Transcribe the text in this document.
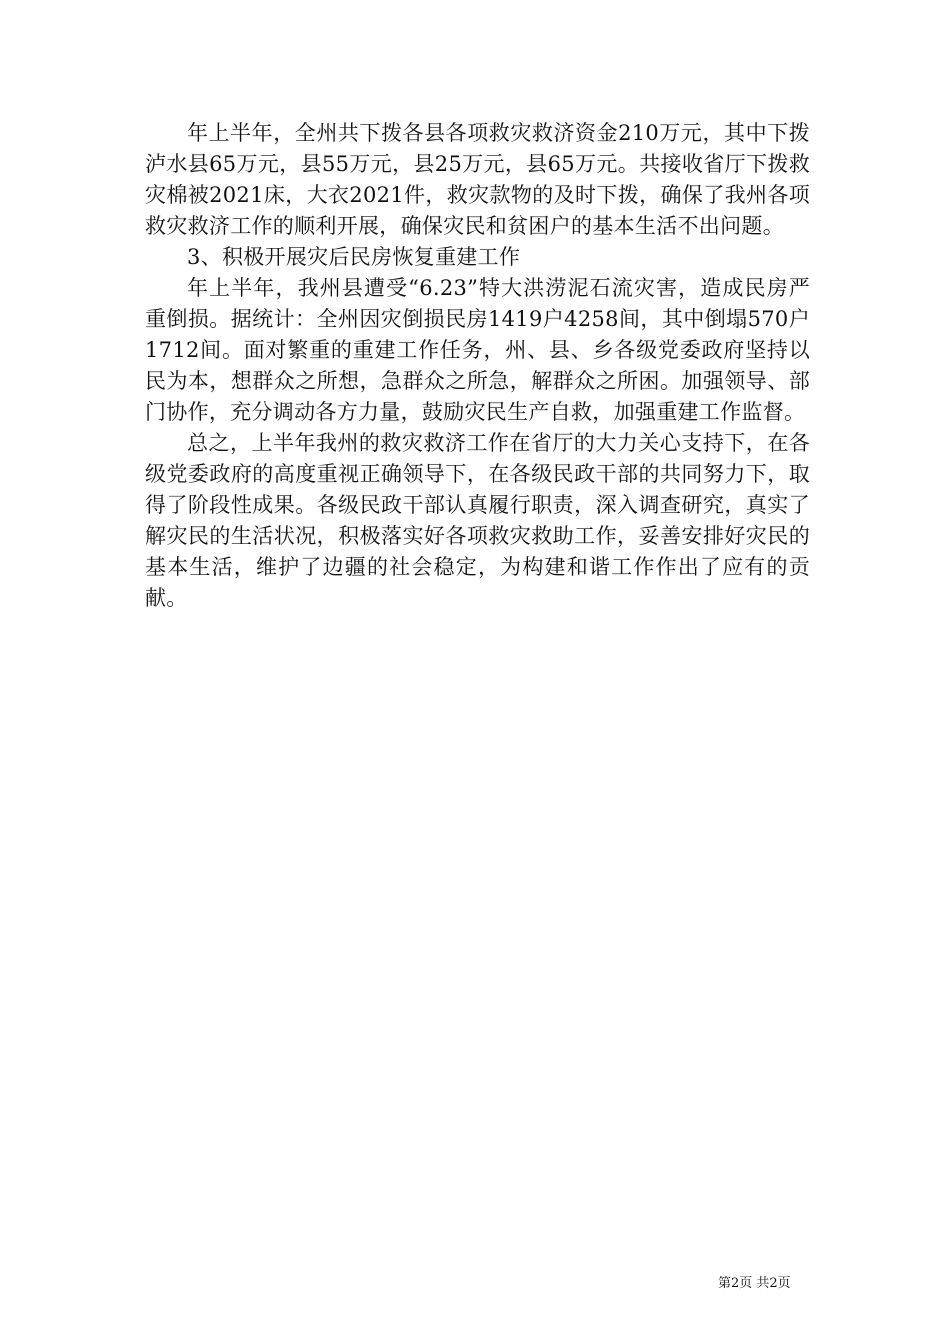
年上半年，全州共下拨各县各项救灾救济资金210万元，其中下拨泸水县65万元，县55万元，县25万元，县65万元。共接收省厅下拨救灾棉被2021床，大衣2021件，救灾款物的及时下拨，确保了我州各项救灾救济工作的顺利开展，确保灾民和贫困户的基本生活不出问题。

3、积极开展灾后民房恢复重建工作

年上半年，我州县遭受“6.23”特大洪涝泥石流灾害，造成民房严重倒损。据统计：全州因灾倒损民房1419户4258间，其中倒塌570户1712间。面对繁重的重建工作任务，州、县、乡各级党委政府坚持以民为本，想群众之所想，急群众之所急，解群众之所困。加强领导、部门协作，充分调动各方力量，鼓励灾民生产自救，加强重建工作监督。

总之，上半年我州的救灾救济工作在省厅的大力关心支持下，在各级党委政府的高度重视正确领导下，在各级民政干部的共同努力下，取得了阶段性成果。各级民政干部认真履行职责，深入调查研究，真实了解灾民的生活状况，积极落实好各项救灾救助工作，妥善安排好灾民的基本生活，维护了边疆的社会稳定，为构建和谐工作作出了应有的贡献。

第2页 共2页
